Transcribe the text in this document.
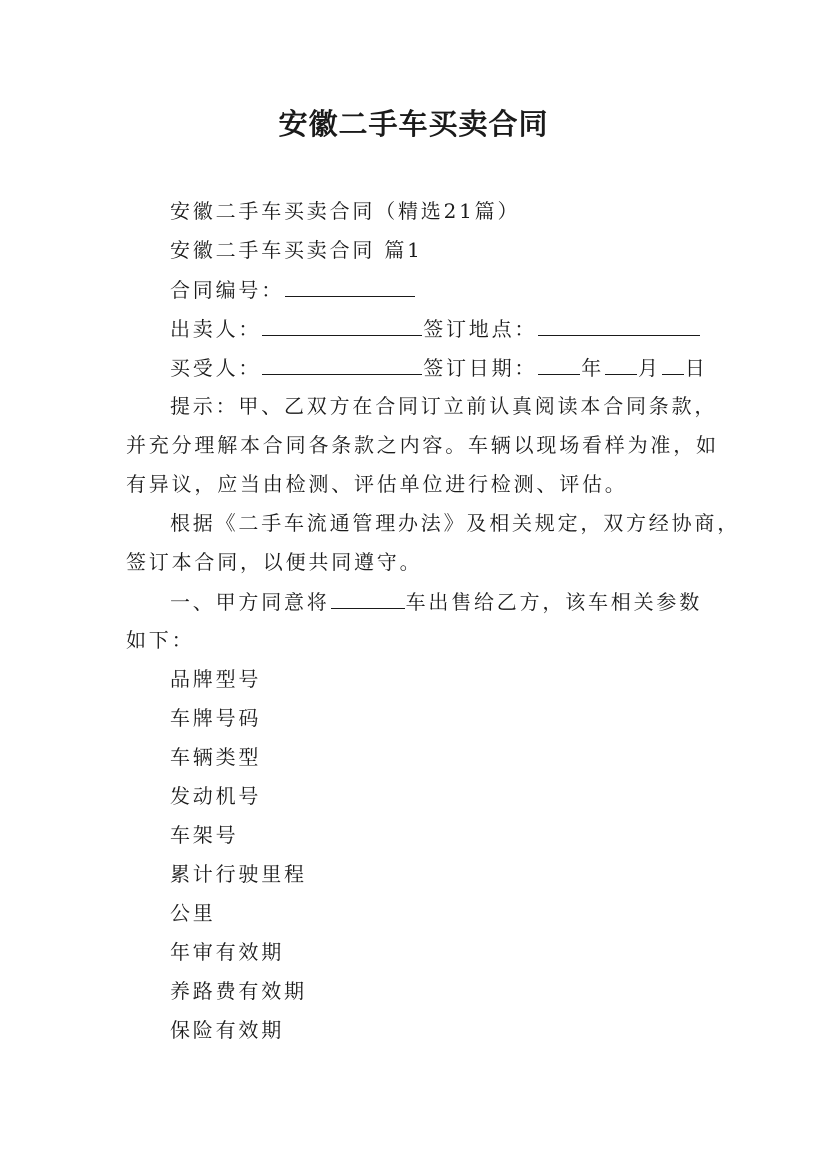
安徽二手车买卖合同
安徽二手车买卖合同（精选21篇）
安徽二手车买卖合同 篇1
合同编号：
出卖人：	签订地点：
买受人：	签订日期： 年 月 日
提示：甲、乙双方在合同订立前认真阅读本合同条款，
并充分理解本合同各条款之内容。车辆以现场看样为准，如
有异议，应当由检测、评估单位进行检测、评估。
根据《二手车流通管理办法》及相关规定，双方经协商，
签订本合同，以便共同遵守。
一、甲方同意将	车出售给乙方，该车相关参数
如下：
品牌型号
车牌号码
车辆类型
发动机号
车架号
累计行驶里程
公里
年审有效期
养路费有效期
保险有效期
